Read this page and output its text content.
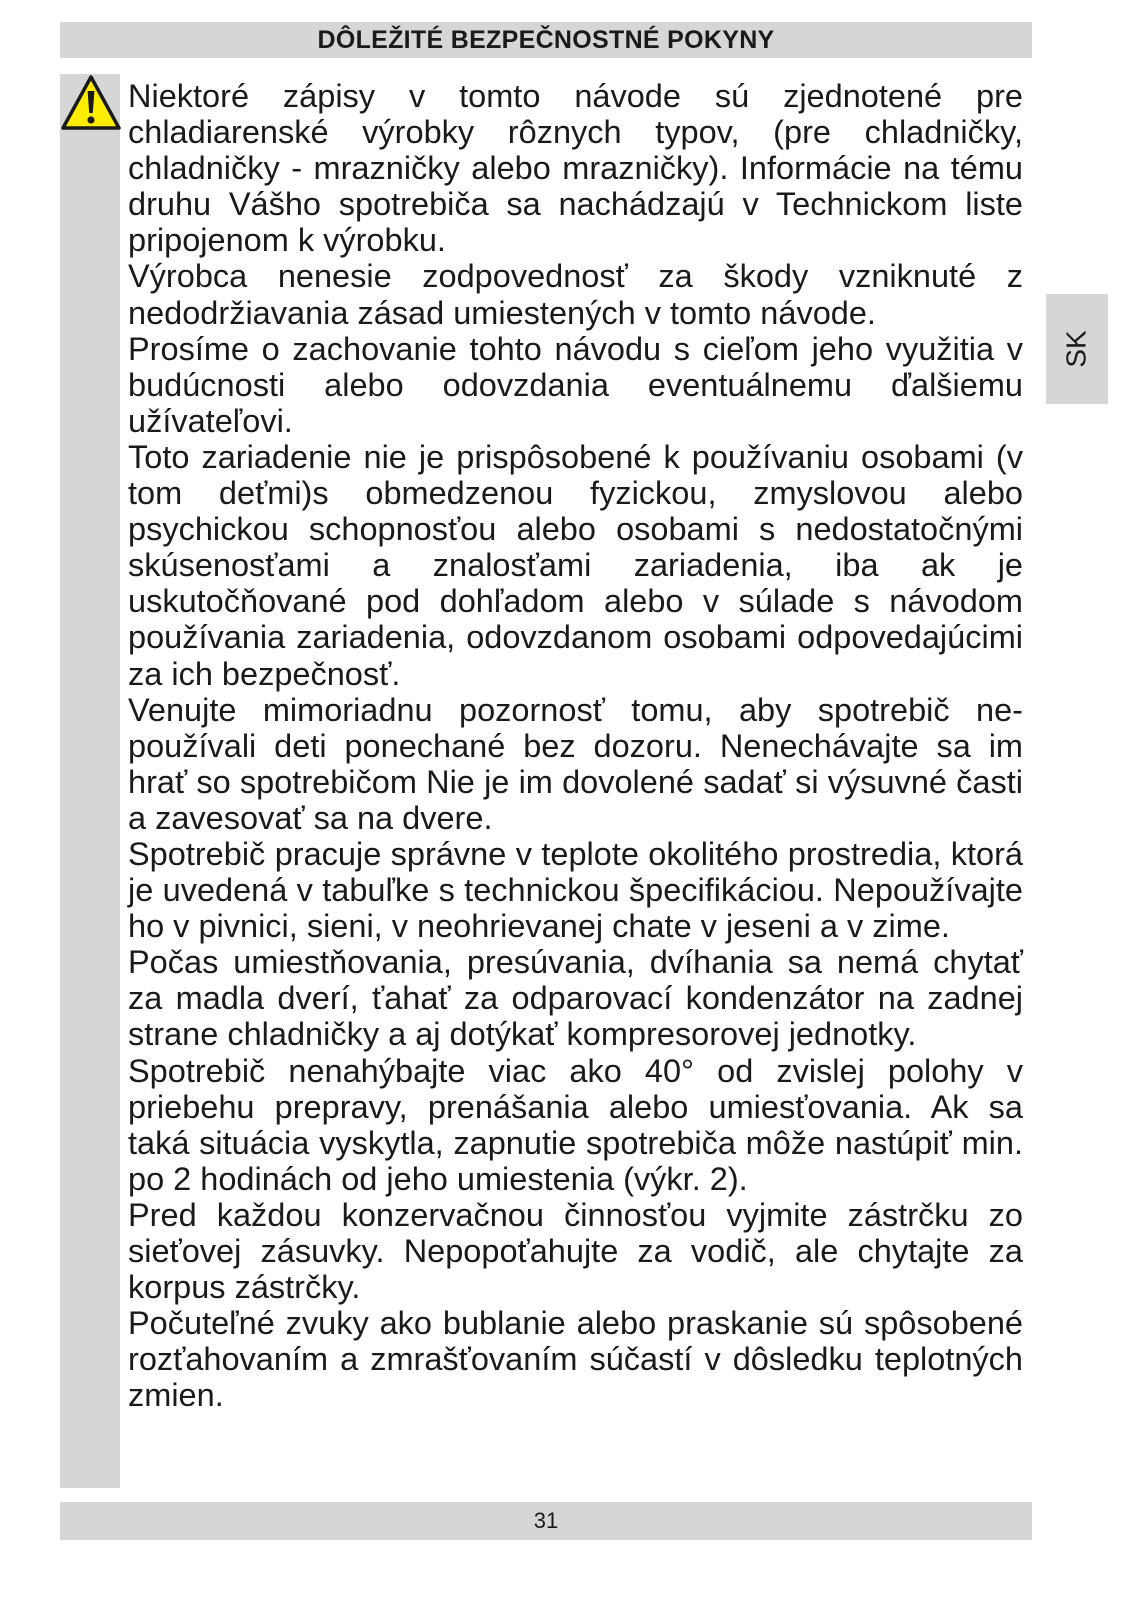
DÔLEŽITÉ BEZPEČNOSTNÉ POKYNY
SK

Niektoré zápisy v tomto návode sú zjednotené pre chladiarenské výrobky rôznych typov, (pre chladničky, chladničky - mrazničky alebo mrazničky). Informácie na tému druhu Vášho spotrebiča sa nachádzajú v Technickom liste pripojenom k výrobku.

Výrobca nenesie zodpovednosť za škody vzniknuté z nedodržiavania zásad umiestených v tomto návode.

Prosíme o zachovanie tohto návodu s cieľom jeho využitia v budúcnosti alebo odovzdania eventuálnemu ďalšiemu užívateľovi.

Toto zariadenie nie je prispôsobené k používaniu osobami (v tom deťmi)s obmedzenou fyzickou, zmyslovou alebo psychickou schopnosťou alebo osobami s nedostatočnými skúsenosťami a znalosťami zariadenia, iba ak je uskutočňované pod dohľadom alebo v súlade s návodom používania zariadenia, odovzdanom osobami odpovedajúcimi za ich bezpečnosť.

Venujte mimoriadnu pozornosť tomu, aby spotrebič nepoužívali deti ponechané bez dozoru. Nenechávajte sa im hrať so spotrebičom Nie je im dovolené sadať si výsuvné časti a zavesovať sa na dvere.

Spotrebič pracuje správne v teplote okolitého prostredia, ktorá je uvedená v tabuľke s technickou špecifikáciou. Nepoužívajte ho v pivnici, sieni, v neohrievanej chate v jeseni a v zime.

Počas umiestňovania, presúvania, dvíhania sa nemá chytať za madla dverí, ťahať za odparovací kondenzátor na zadnej strane chladničky a aj dotýkať kompresorovej jednotky.

Spotrebič nenahýbajte viac ako 40° od zvislej polohy v priebehu prepravy, prenášania alebo umiesťovania. Ak sa taká situácia vyskytla, zapnutie spotrebiča môže nastúpiť min. po 2 hodinách od jeho umiestenia (výkr. 2).

Pred každou konzervačnou činnosťou vyjmite zástrčku zo sieťovej zásuvky. Nepopoťahujte za vodič, ale chytajte za korpus zástrčky.

Počuteľné zvuky ako bublanie alebo praskanie sú spôsobené rozťahovaním a zmrašťovaním súčastí v dôsledku teplotných zmien.

31
